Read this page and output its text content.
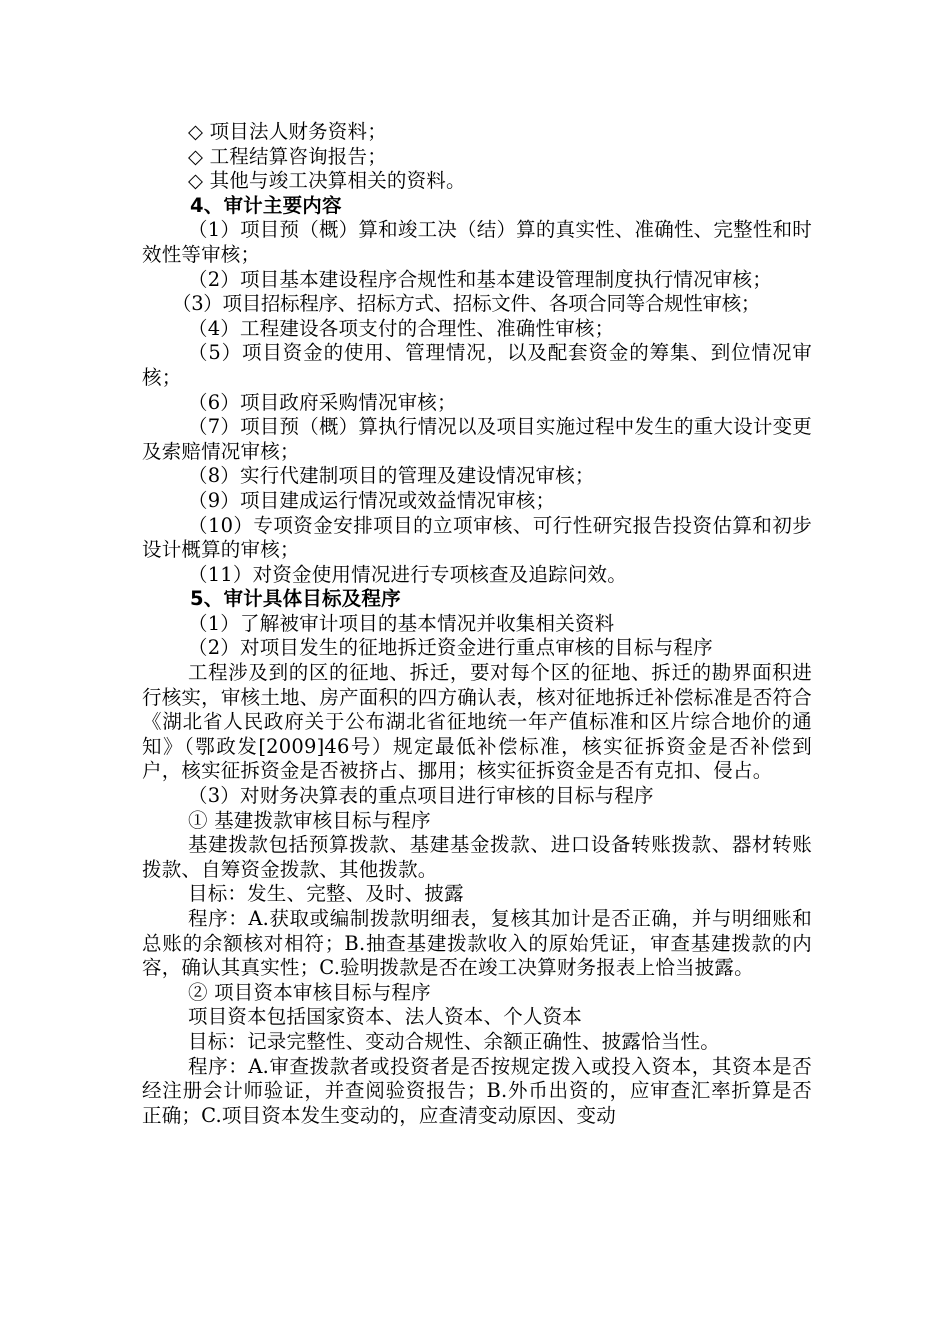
◇ 项目法人财务资料；

◇ 工程结算咨询报告；

◇ 其他与竣工决算相关的资料。

4、审计主要内容

（1）项目预（概）算和竣工决（结）算的真实性、准确性、完整性和时效性等审核；

（2）项目基本建设程序合规性和基本建设管理制度执行情况审核；

（3）项目招标程序、招标方式、招标文件、各项合同等合规性审核；

（4）工程建设各项支付的合理性、准确性审核；

（5）项目资金的使用、管理情况，以及配套资金的筹集、到位情况审核；

（6）项目政府采购情况审核；

（7）项目预（概）算执行情况以及项目实施过程中发生的重大设计变更及索赔情况审核；

（8）实行代建制项目的管理及建设情况审核；

（9）项目建成运行情况或效益情况审核；

（10）专项资金安排项目的立项审核、可行性研究报告投资估算和初步设计概算的审核；

（11）对资金使用情况进行专项核查及追踪问效。

5、审计具体目标及程序

（1）了解被审计项目的基本情况并收集相关资料

（2）对项目发生的征地拆迁资金进行重点审核的目标与程序

工程涉及到的区的征地、拆迁，要对每个区的征地、拆迁的勘界面积进行核实，审核土地、房产面积的四方确认表，核对征地拆迁补偿标准是否符合《湖北省人民政府关于公布湖北省征地统一年产值标准和区片综合地价的通知》（鄂政发[2009]46号）规定最低补偿标准，核实征拆资金是否补偿到户，核实征拆资金是否被挤占、挪用；核实征拆资金是否有克扣、侵占。

（3）对财务决算表的重点项目进行审核的目标与程序

① 基建拨款审核目标与程序

基建拨款包括预算拨款、基建基金拨款、进口设备转账拨款、器材转账拨款、自筹资金拨款、其他拨款。

目标：发生、完整、及时、披露

程序：A.获取或编制拨款明细表，复核其加计是否正确，并与明细账和总账的余额核对相符；B.抽查基建拨款收入的原始凭证，审查基建拨款的内容，确认其真实性；C.验明拨款是否在竣工决算财务报表上恰当披露。

② 项目资本审核目标与程序

项目资本包括国家资本、法人资本、个人资本

目标：记录完整性、变动合规性、余额正确性、披露恰当性。

程序：A.审查拨款者或投资者是否按规定拨入或投入资本，其资本是否经注册会计师验证，并查阅验资报告；B.外币出资的，应审查汇率折算是否正确；C.项目资本发生变动的，应查清变动原因、变动
